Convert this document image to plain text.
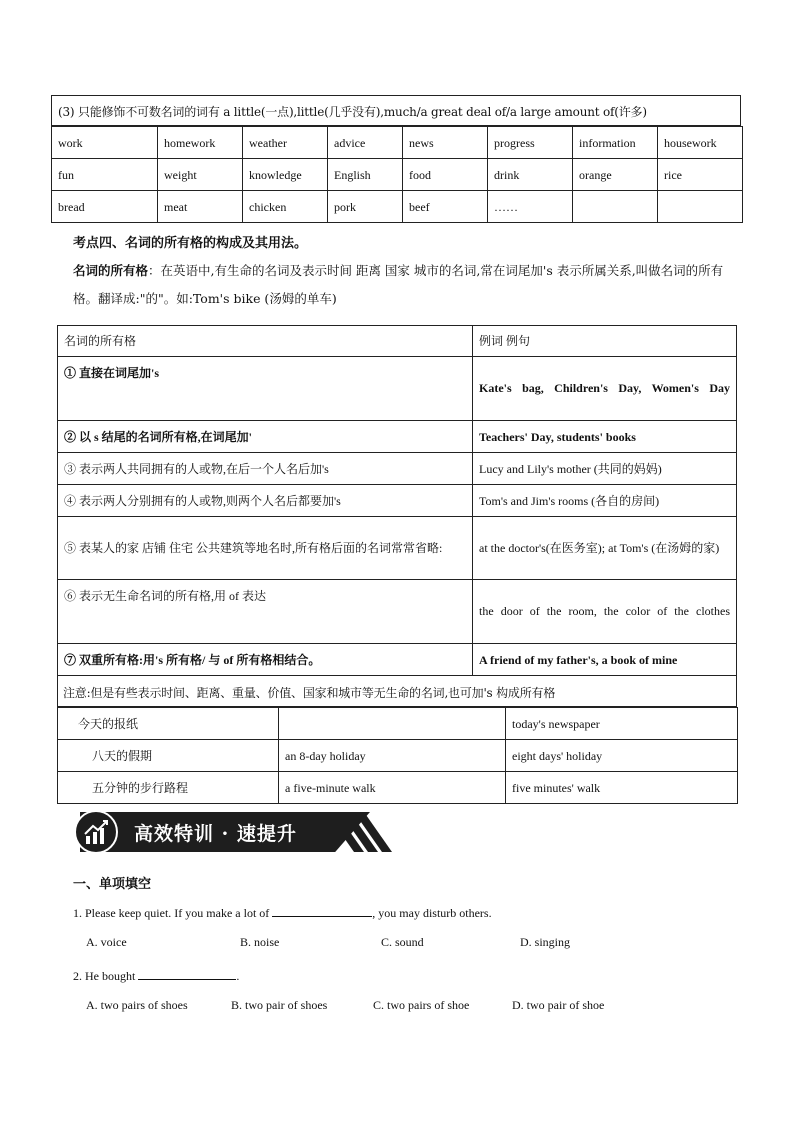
(3) 只能修饰不可数名词的词有 a little(一点),little(几乎没有),much/a great deal of/a large amount of(许多)
work	homework	weather	advice	news	progress	information	housework
fun	weight	knowledge	English	food	drink	orange	rice
bread	meat	chicken	pork	beef	……		
考点四、名词的所有格的构成及其用法。
名词的所有格：在英语中,有生命的名词及表示时间 距离 国家 城市的名词,常在词尾加's 表示所属关系,叫做名词的所有格。翻译成:"的"。如:Tom's bike (汤姆的单车)
名词的所有格	例词 例句
① 直接在词尾加's	Kate's bag, Children's Day, Women's Day
② 以 s 结尾的名词所有格,在词尾加'	Teachers' Day, students' books
③ 表示两人共同拥有的人或物,在后一个人名后加's	Lucy and Lily's mother (共同的妈妈)
④ 表示两人分别拥有的人或物,则两个人名后都要加's	Tom's and Jim's rooms (各自的房间)
⑤ 表某人的家 店铺 住宅 公共建筑等地名时,所有格后面的名词常常省略:	at the doctor's(在医务室); at Tom's (在汤姆的家)
⑥ 表示无生命名词的所有格,用 of 表达	the door of the room, the color of the clothes
⑦ 双重所有格:用's 所有格/ 与 of 所有格相结合。	A friend of my father's, a book of mine
注意:但是有些表示时间、距离、重量、价值、国家和城市等无生命的名词,也可加's 构成所有格
今天的报纸		today's newspaper
八天的假期	an 8-day holiday	eight days' holiday
五分钟的步行路程	a five-minute walk	five minutes' walk
高效特训 · 速提升
一、单项填空
1. Please keep quiet. If you make a lot of	, you may disturb others.
A. voice	B. noise	C. sound	D. singing
2. He bought	.
A. two pairs of shoes	B. two pair of shoes	C. two pairs of shoe	D. two pair of shoe
